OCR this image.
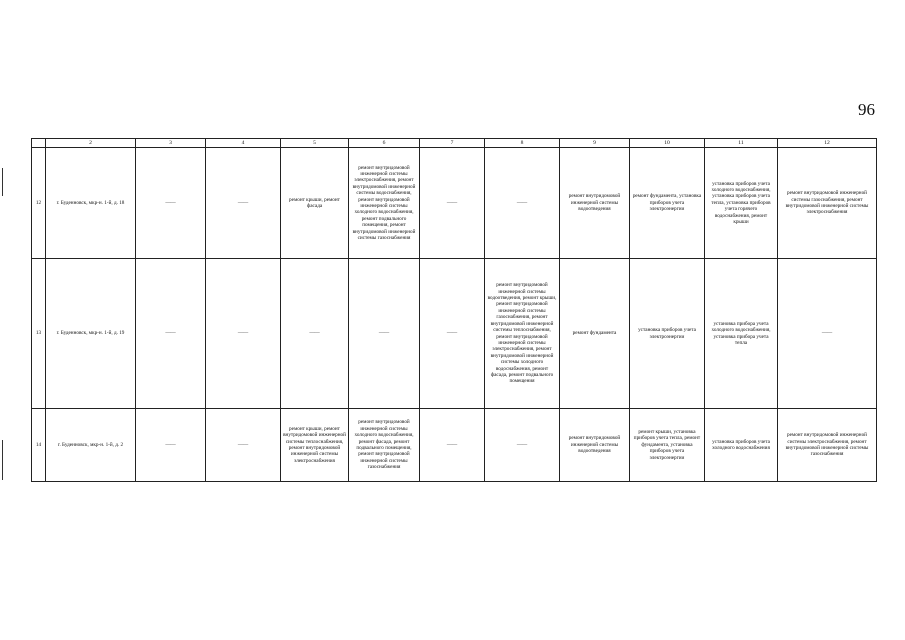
96
	2	3	4	5	6	7	8	9	10	11	12
12	г. Буденновск, мкр-н. 1-й, д. 18	——	——	ремонт крыши, ремонт фасада	ремонт внутридомовой инженерной системы электроснабжения, ремонт внутридомовой инженерной системы водоснабжения, ремонт внутридомовой инженерной системы холодного водоснабжения, ремонт подвального помещения, ремонт внутридомовой инженерной системы газоснабжения	——	——	ремонт внутридомовой инженерной системы водоотведения	ремонт фундамента, установка приборов учета электроэнергии	установка приборов учета холодного водоснабжения, установка приборов учета тепла, установка приборов учета горячего водоснабжения, ремонт крыши	ремонт внутридомовой инженерной системы газоснабжения, ремонт внутридомовой инженерной системы электроснабжения
13	г. Буденновск, мкр-н. 1-й, д. 19	——	——	——	——	——	ремонт внутридомовой инженерной системы водоотведения, ремонт крыши, ремонт внутридомовой инженерной системы газоснабжения, ремонт внутридомовой инженерной системы теплоснабжения, ремонт внутридомовой инженерной системы электроснабжения, ремонт внутридомовой инженерной системы холодного водоснабжения, ремонт фасада, ремонт подвального помещения	ремонт фундамента	установка приборов учета электроэнергии	установка прибора учета холодного водоснабжения, установка прибора учета тепла	——
14	г. Буденновск, мкр-н. 1-й, д. 2	——	——	ремонт крыши, ремонт внутридомовой инженерной системы теплоснабжения, ремонт внутридомовой инженерной системы электроснабжения	ремонт внутридомовой инженерной системы холодного водоснабжения, ремонт фасада, ремонт подвального помещения, ремонт внутридомовой инженерной системы газоснабжения	——	——	ремонт внутридомовой инженерной системы водоотведения	ремонт крыши, установка приборов учета тепла, ремонт фундамента, установка приборов учета электроэнергии	установка приборов учета холодного водоснабжения	ремонт внутридомовой инженерной системы электроснабжения, ремонт внутридомовой инженерной системы газоснабжения
